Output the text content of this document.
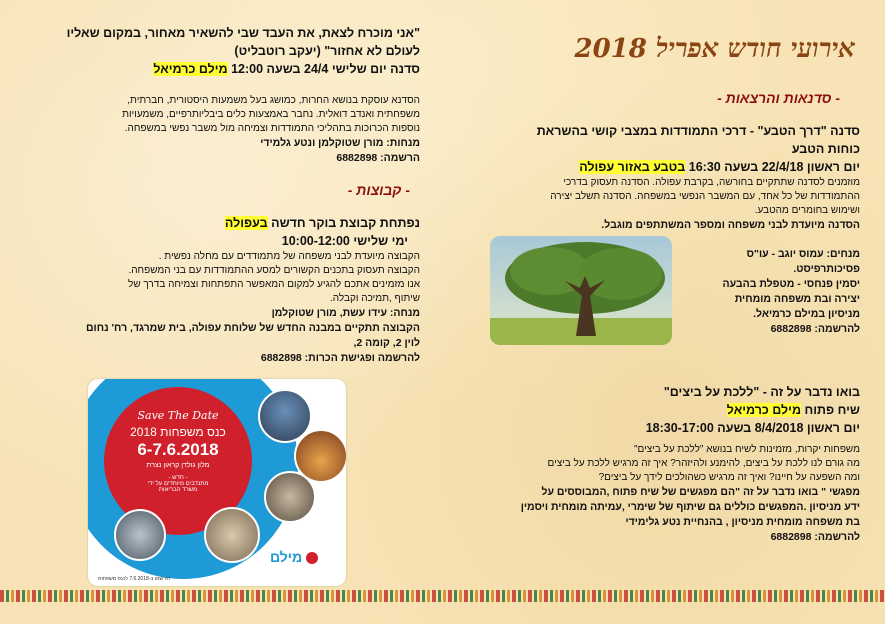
אירועי חודש אפריל 2018
- סדנאות והרצאות -

סדנה "דרך הטבע" - דרכי התמודדות במצבי קושי בהשראת

כוחות הטבע

יום ראשון 22/4/18 בשעה 16:30 בטבע באזור עפולה

מוזמנים לסדנה שתתקיים בחורשה, בקרבת עפולה. הסדנה תעסוק בדרכי

ההתמודדות של כל אחד, עם המשבר הנפשי במשפחה. הסדנה תשלב יצירה

ושימוש בחומרים מהטבע.

הסדנה מיועדת לבני משפחה ומספר המשתתפים מוגבל.

מנחים: עמוס יוגב - עו"ס

פסיכותרפיסט.

יסמין פנחסי - מטפלת בהבעה

יצירה ובת משפחה מומחית

מניסיון במילם כרמיאל.

להרשמה: 6882898

בואו נדבר על זה - "ללכת על ביצים"

שיח פתוח מילם כרמיאל

יום ראשון 8/4/2018 בשעה 18:30-17:00

משפחות יקרות, מזמינות לשיח בנושא "ללכת על ביצים"

מה גורם לנו ללכת על ביצים, להימנע ולהיזהר? איך זה מרגיש ללכת על ביצים

ומה השפעה על חיינו? ואיך זה מרגיש כשהולכים לידך על ביצים?

מפגשי " בואו נדבר על זה "הם מפגשים של שיח פתוח ,המבוססים על

ידע מניסיון .המפגשים כוללים גם שיתוף של שימרי ,עמיתה מומחית ויסמין

בת משפחה מומחית מניסיון , בהנחיית נטע גלימידי

להרשמה: 6882898

"אני מוכרח לצאת, את העבד שבי להשאיר מאחור, במקום שאליו

לעולם לא אחזור" (יעקב רוטבליט)

סדנה יום שלישי 24/4 בשעה 12:00 מילם כרמיאל

הסדנא עוסקת בנושא החרות, כמושג בעל משמעות היסטורית, חברתית,

משפחתית ואנדב דואלית. נחבר באמצעות כלים ביבליותרפיים, משמעויות

נוספות הכרוכות בתהליכי התמודדות וצמיחה מול משבר נפשי במשפחה.

מנחות: מורן שטוקלמן ונטע גלמידי

הרשמה: 6882898

- קבוצות -

נפתחת קבוצת בוקר חדשה בעפולה

ימי שלישי 10:00-12:00

הקבוצה מיועדת לבני משפחה של מתמודדים עם מחלה נפשית .

הקבוצה תעסוק בתכנים הקשורים למסע ההתמודדות עם בני המשפחה.

אנו מזמינים אתכם להגיע למקום המאפשר התפתחות וצמיחה בדרך של

שיתוף ,תמיכה וקבלה.

מנחה: עידו עשת, מורן שטוקלמן

הקבוצה תתקיים במבנה החדש של שלוחת עפולה, בית שמרגד, רח' נחום

לוין 2, קומה 2,

להרשמה ופגישת הכרות: 6882898

Save The Date
כנס משפחות 2018
6-7.6.2018
מלון גולדן קראון נצרת
- חדש -
מתנדבים מיוחדים על ידי
משרד הבריאות
מילם
הירשמו ב-7.6.2018 לכנס משפחות
